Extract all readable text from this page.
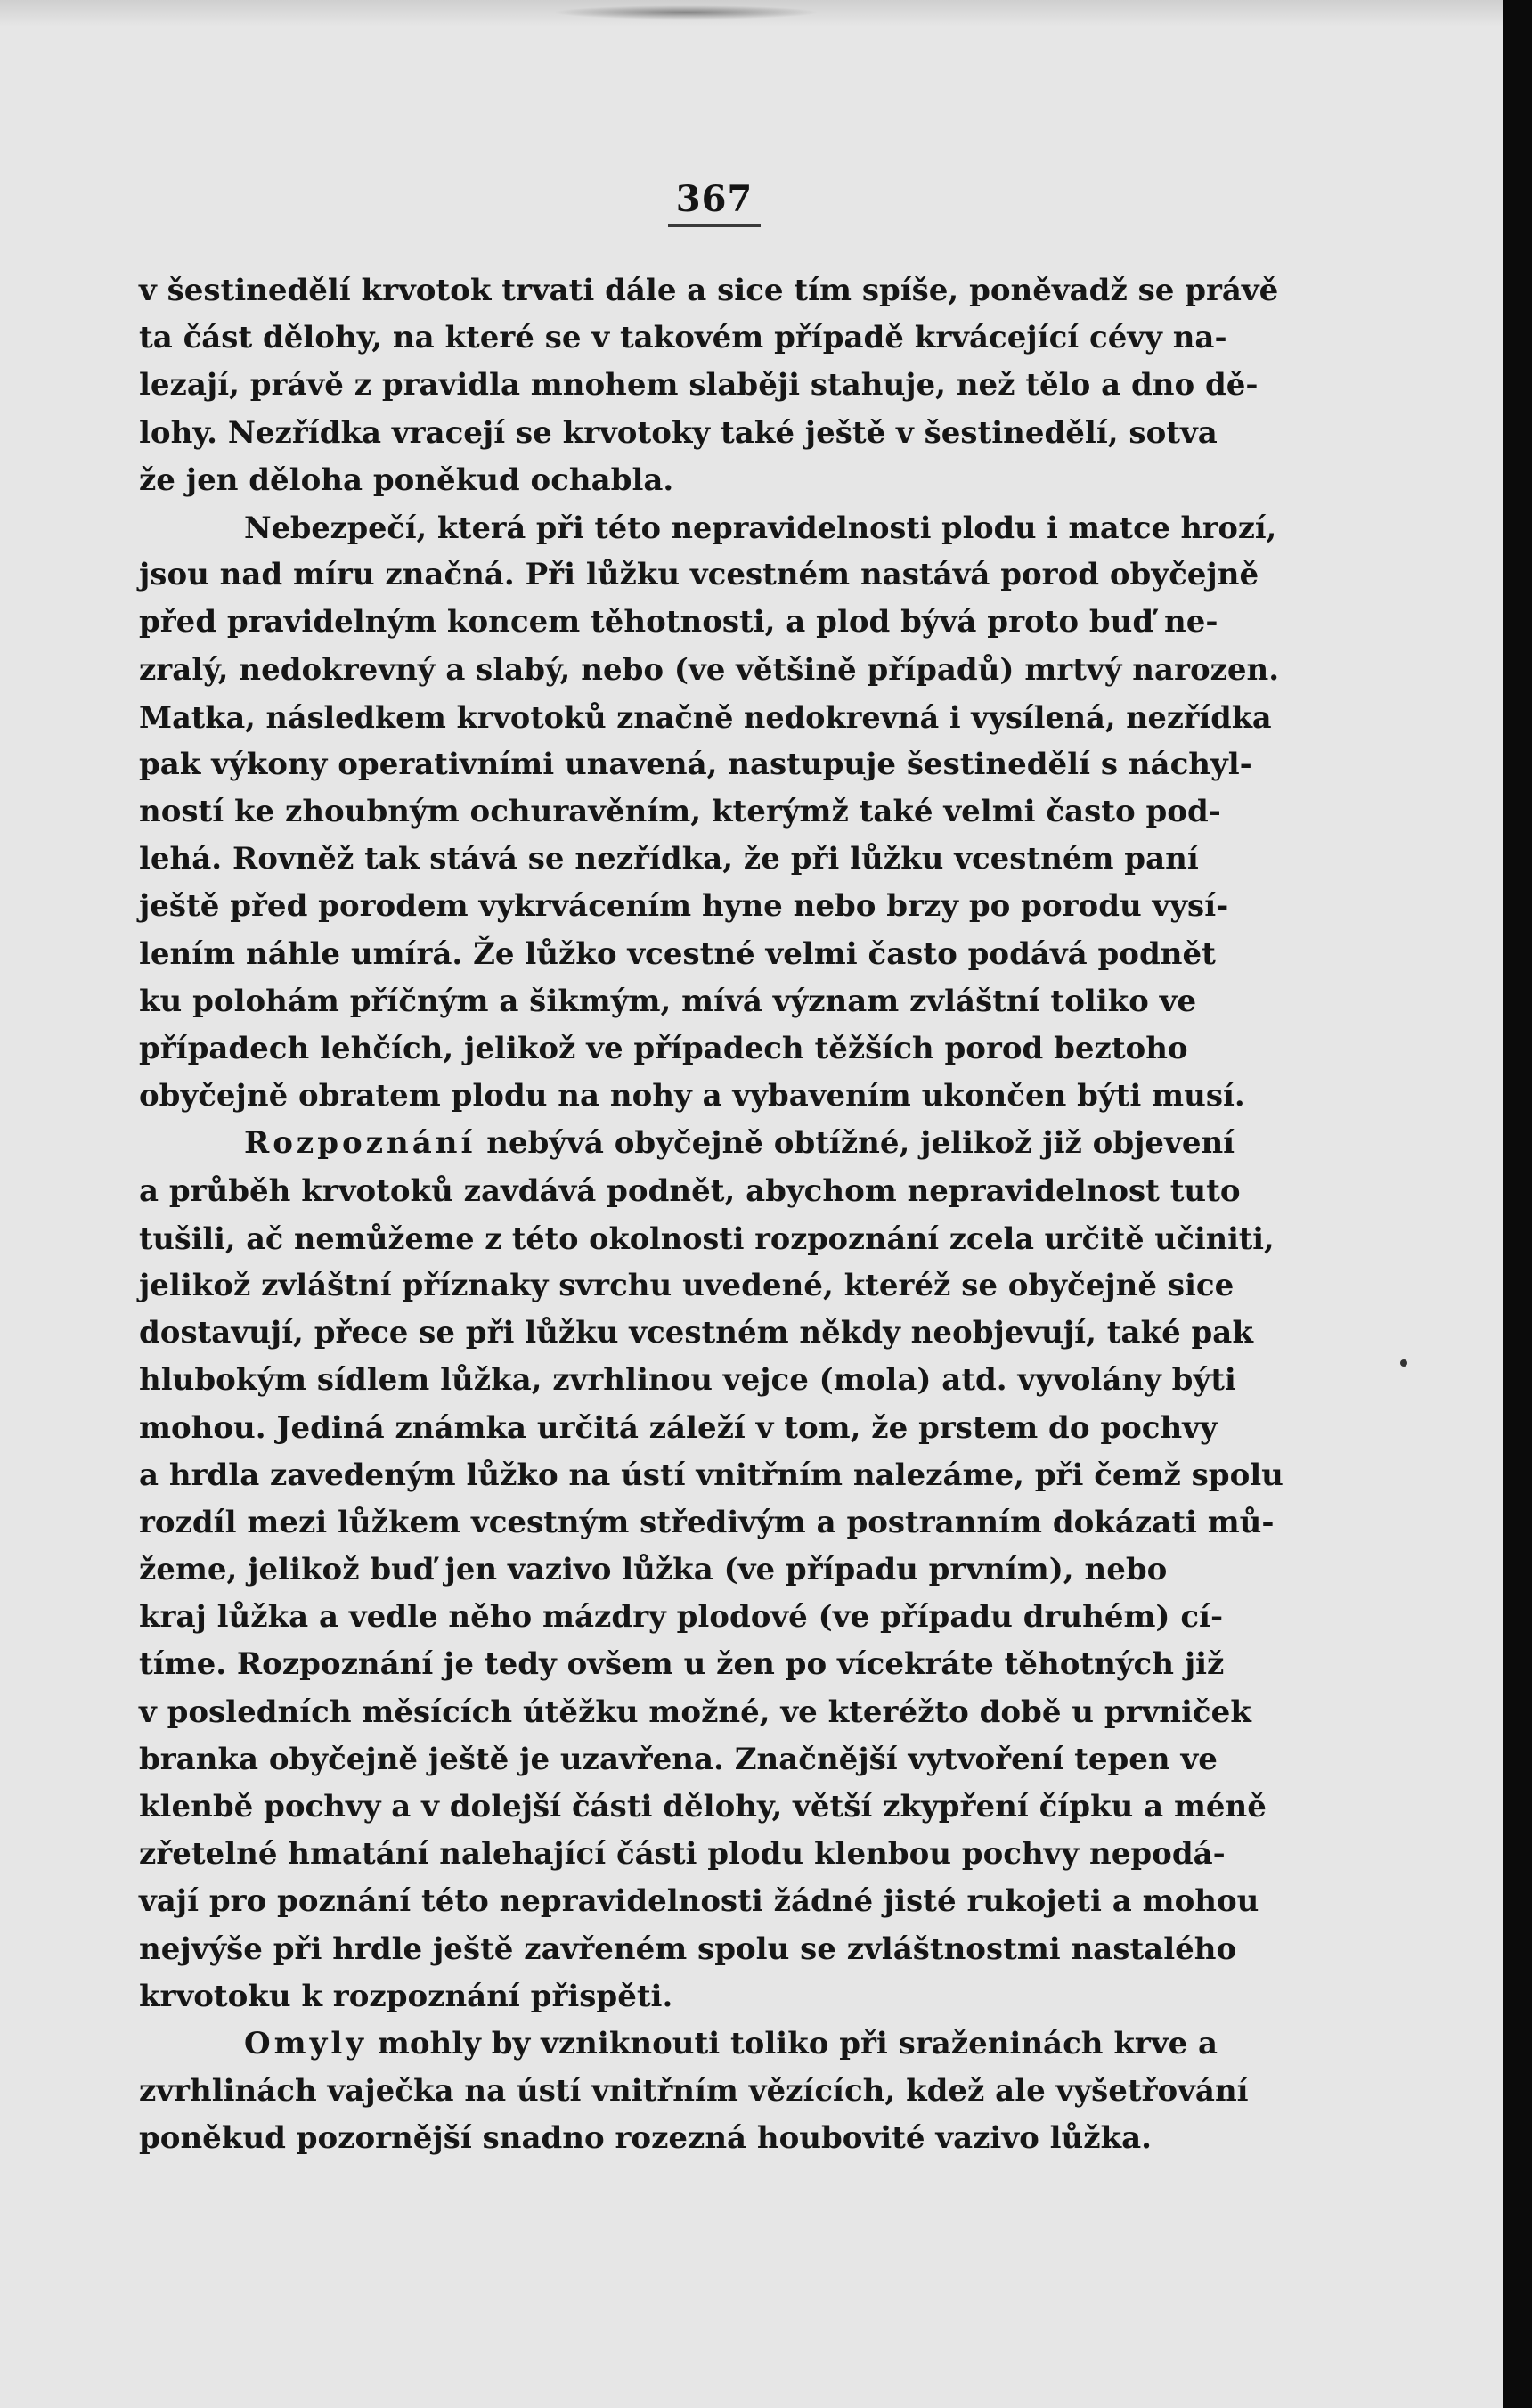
367
v šestinedělí krvotok trvati dále a sice tím spíše, poněvadž se právě
ta část dělohy, na které se v takovém případě krvácející cévy na-
lezají, právě z pravidla mnohem slaběji stahuje, než tělo a dno dě-
lohy. Nezřídka vracejí se krvotoky také ještě v šestinedělí, sotva
že jen děloha poněkud ochabla.
Nebezpečí, která při této nepravidelnosti plodu i matce hrozí,
jsou nad míru značná. Při lůžku vcestném nastává porod obyčejně
před pravidelným koncem těhotnosti, a plod bývá proto buď ne-
zralý, nedokrevný a slabý, nebo (ve většině případů) mrtvý narozen.
Matka, následkem krvotoků značně nedokrevná i vysílená, nezřídka
pak výkony operativními unavená, nastupuje šestinedělí s náchyl-
ností ke zhoubným ochuravěním, kterýmž také velmi často pod-
lehá. Rovněž tak stává se nezřídka, že při lůžku vcestném paní
ještě před porodem vykrvácením hyne nebo brzy po porodu vysí-
lením náhle umírá. Že lůžko vcestné velmi často podává podnět
ku polohám příčným a šikmým, mívá význam zvláštní toliko ve
případech lehčích, jelikož ve případech těžších porod beztoho
obyčejně obratem plodu na nohy a vybavením ukončen býti musí.
Rozpoznání nebývá obyčejně obtížné, jelikož již objevení
a průběh krvotoků zavdává podnět, abychom nepravidelnost tuto
tušili, ač nemůžeme z této okolnosti rozpoznání zcela určitě učiniti,
jelikož zvláštní příznaky svrchu uvedené, kteréž se obyčejně sice
dostavují, přece se při lůžku vcestném někdy neobjevují, také pak
hlubokým sídlem lůžka, zvrhlinou vejce (mola) atd. vyvolány býti
mohou. Jediná známka určitá záleží v tom, že prstem do pochvy
a hrdla zavedeným lůžko na ústí vnitřním nalezáme, při čemž spolu
rozdíl mezi lůžkem vcestným středivým a postranním dokázati mů-
žeme, jelikož buď jen vazivo lůžka (ve případu prvním), nebo
kraj lůžka a vedle něho mázdry plodové (ve případu druhém) cí-
tíme. Rozpoznání je tedy ovšem u žen po vícekráte těhotných již
v posledních měsících útěžku možné, ve kteréžto době u prvniček
branka obyčejně ještě je uzavřena. Značnější vytvoření tepen ve
klenbě pochvy a v dolejší části dělohy, větší zkypření čípku a méně
zřetelné hmatání nalehající části plodu klenbou pochvy nepodá-
vají pro poznání této nepravidelnosti žádné jisté rukojeti a mohou
nejvýše při hrdle ještě zavřeném spolu se zvláštnostmi nastalého
krvotoku k rozpoznání přispěti.
Omyly mohly by vzniknouti toliko při sraženinách krve a
zvrhlinách vaječka na ústí vnitřním vězících, kdež ale vyšetřování
poněkud pozornější snadno rozezná houbovité vazivo lůžka.
